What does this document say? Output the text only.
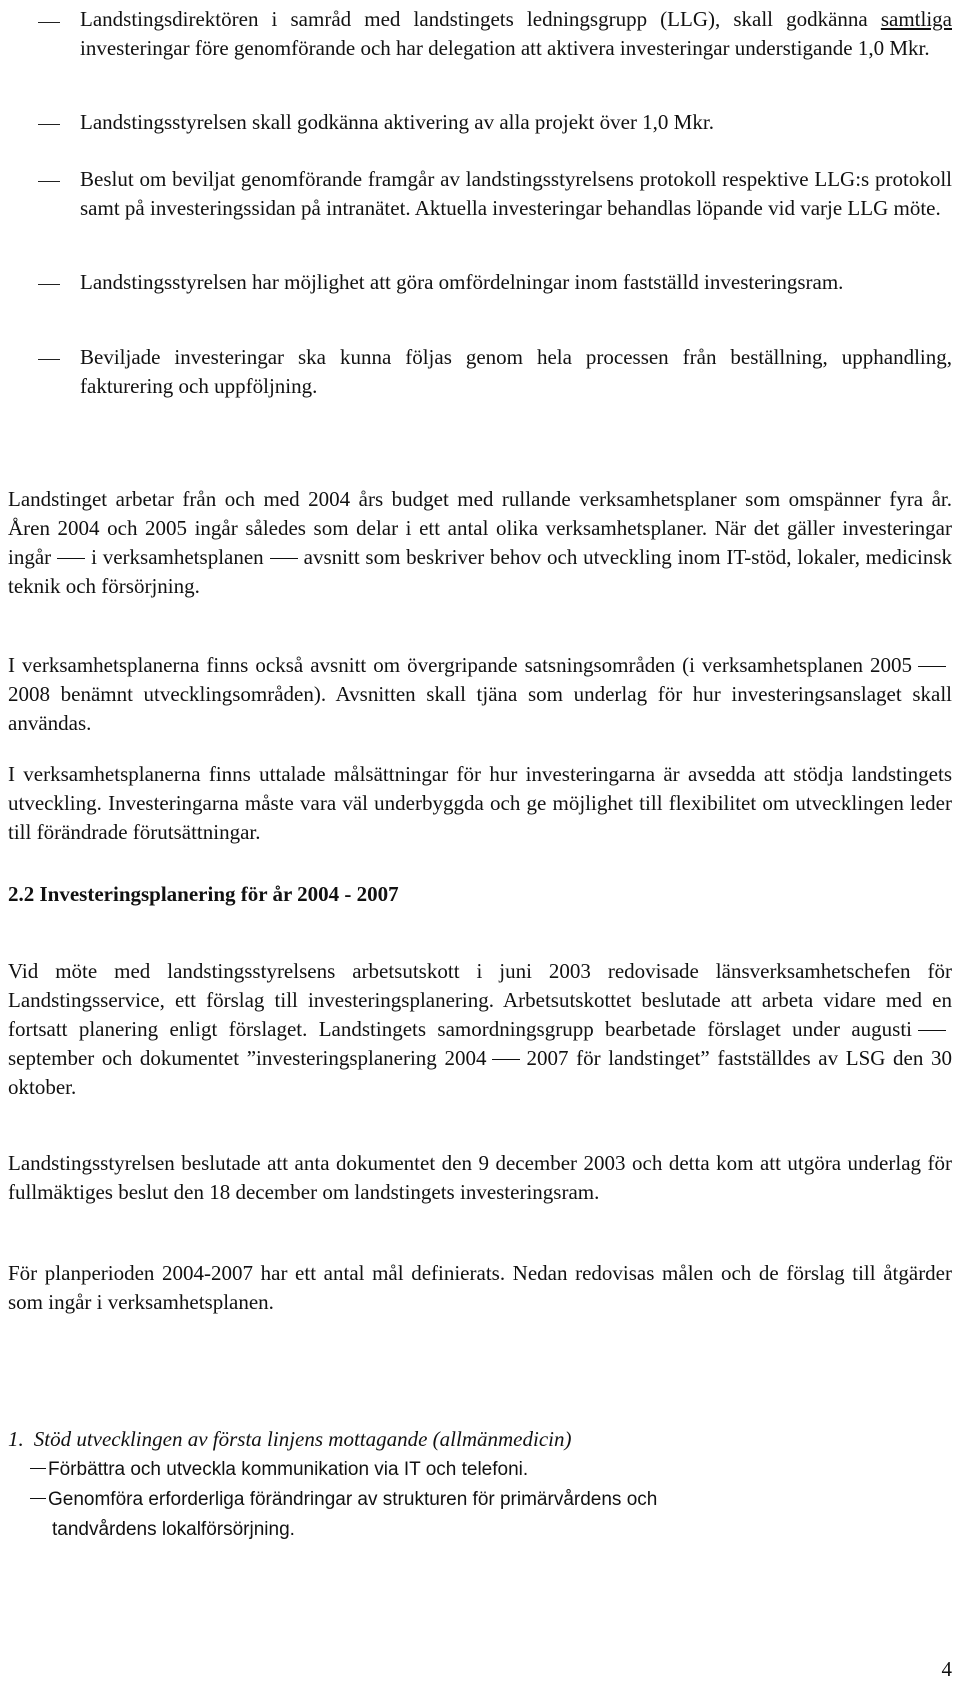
Landstingsdirektören i samråd med landstingets ledningsgrupp (LLG), skall godkänna samtliga investeringar före genomförande och har delegation att aktivera investeringar understigande 1,0 Mkr.

Landstingsstyrelsen skall godkänna aktivering av alla projekt över 1,0 Mkr.

Beslut om beviljat genomförande framgår av landstingsstyrelsens protokoll respektive LLG:s protokoll samt på investeringssidan på intranätet. Aktuella investeringar behandlas löpande vid varje LLG möte.

Landstingsstyrelsen har möjlighet att göra omfördelningar inom fastställd investeringsram.

Beviljade investeringar ska kunna följas genom hela processen från beställning, upphandling, fakturering och uppföljning.

Landstinget arbetar från och med 2004 års budget med rullande verksamhetsplaner som omspänner fyra år. Åren 2004 och 2005 ingår således som delar i ett antal olika verksamhetsplaner. När det gäller investeringar ingår i verksamhetsplanen avsnitt som beskriver behov och utveckling inom IT-stöd, lokaler, medicinsk teknik och försörjning.

I verksamhetsplanerna finns också avsnitt om övergripande satsningsområden (i verksamhetsplanen 20052008 benämnt utvecklingsområden). Avsnitten skall tjäna som underlag för hur investeringsanslaget skall användas.

I verksamhetsplanerna finns uttalade målsättningar för hur investeringarna är avsedda att stödja landstingets utveckling. Investeringarna måste vara väl underbyggda och ge möjlighet till flexibilitet om utvecklingen leder till förändrade förutsättningar.

2.2 Investeringsplanering för år 2004 - 2007

Vid möte med landstingsstyrelsens arbetsutskott i juni 2003 redovisade länsverksamhetschefen för Landstingsservice, ett förslag till investeringsplanering. Arbetsutskottet beslutade att arbeta vidare med en fortsatt planering enligt förslaget. Landstingets samordningsgrupp bearbetade förslaget under augustiseptember och dokumentet ”investeringsplanering 2004 2007 för landstinget” fastställdes av LSG den 30 oktober.

Landstingsstyrelsen beslutade att anta dokumentet den 9 december 2003 och detta kom att utgöra underlag för fullmäktiges beslut den 18 december om landstingets investeringsram.

För planperioden 2004-2007 har ett antal mål definierats. Nedan redovisas målen och de förslag till åtgärder som ingår i verksamhetsplanen.

1. Stöd utvecklingen av första linjens mottagande (allmänmedicin)

Förbättra och utveckla kommunikation via IT och telefoni.

Genomföra erforderliga förändringar av strukturen för primärvårdens och

tandvårdens lokalförsörjning.

4
